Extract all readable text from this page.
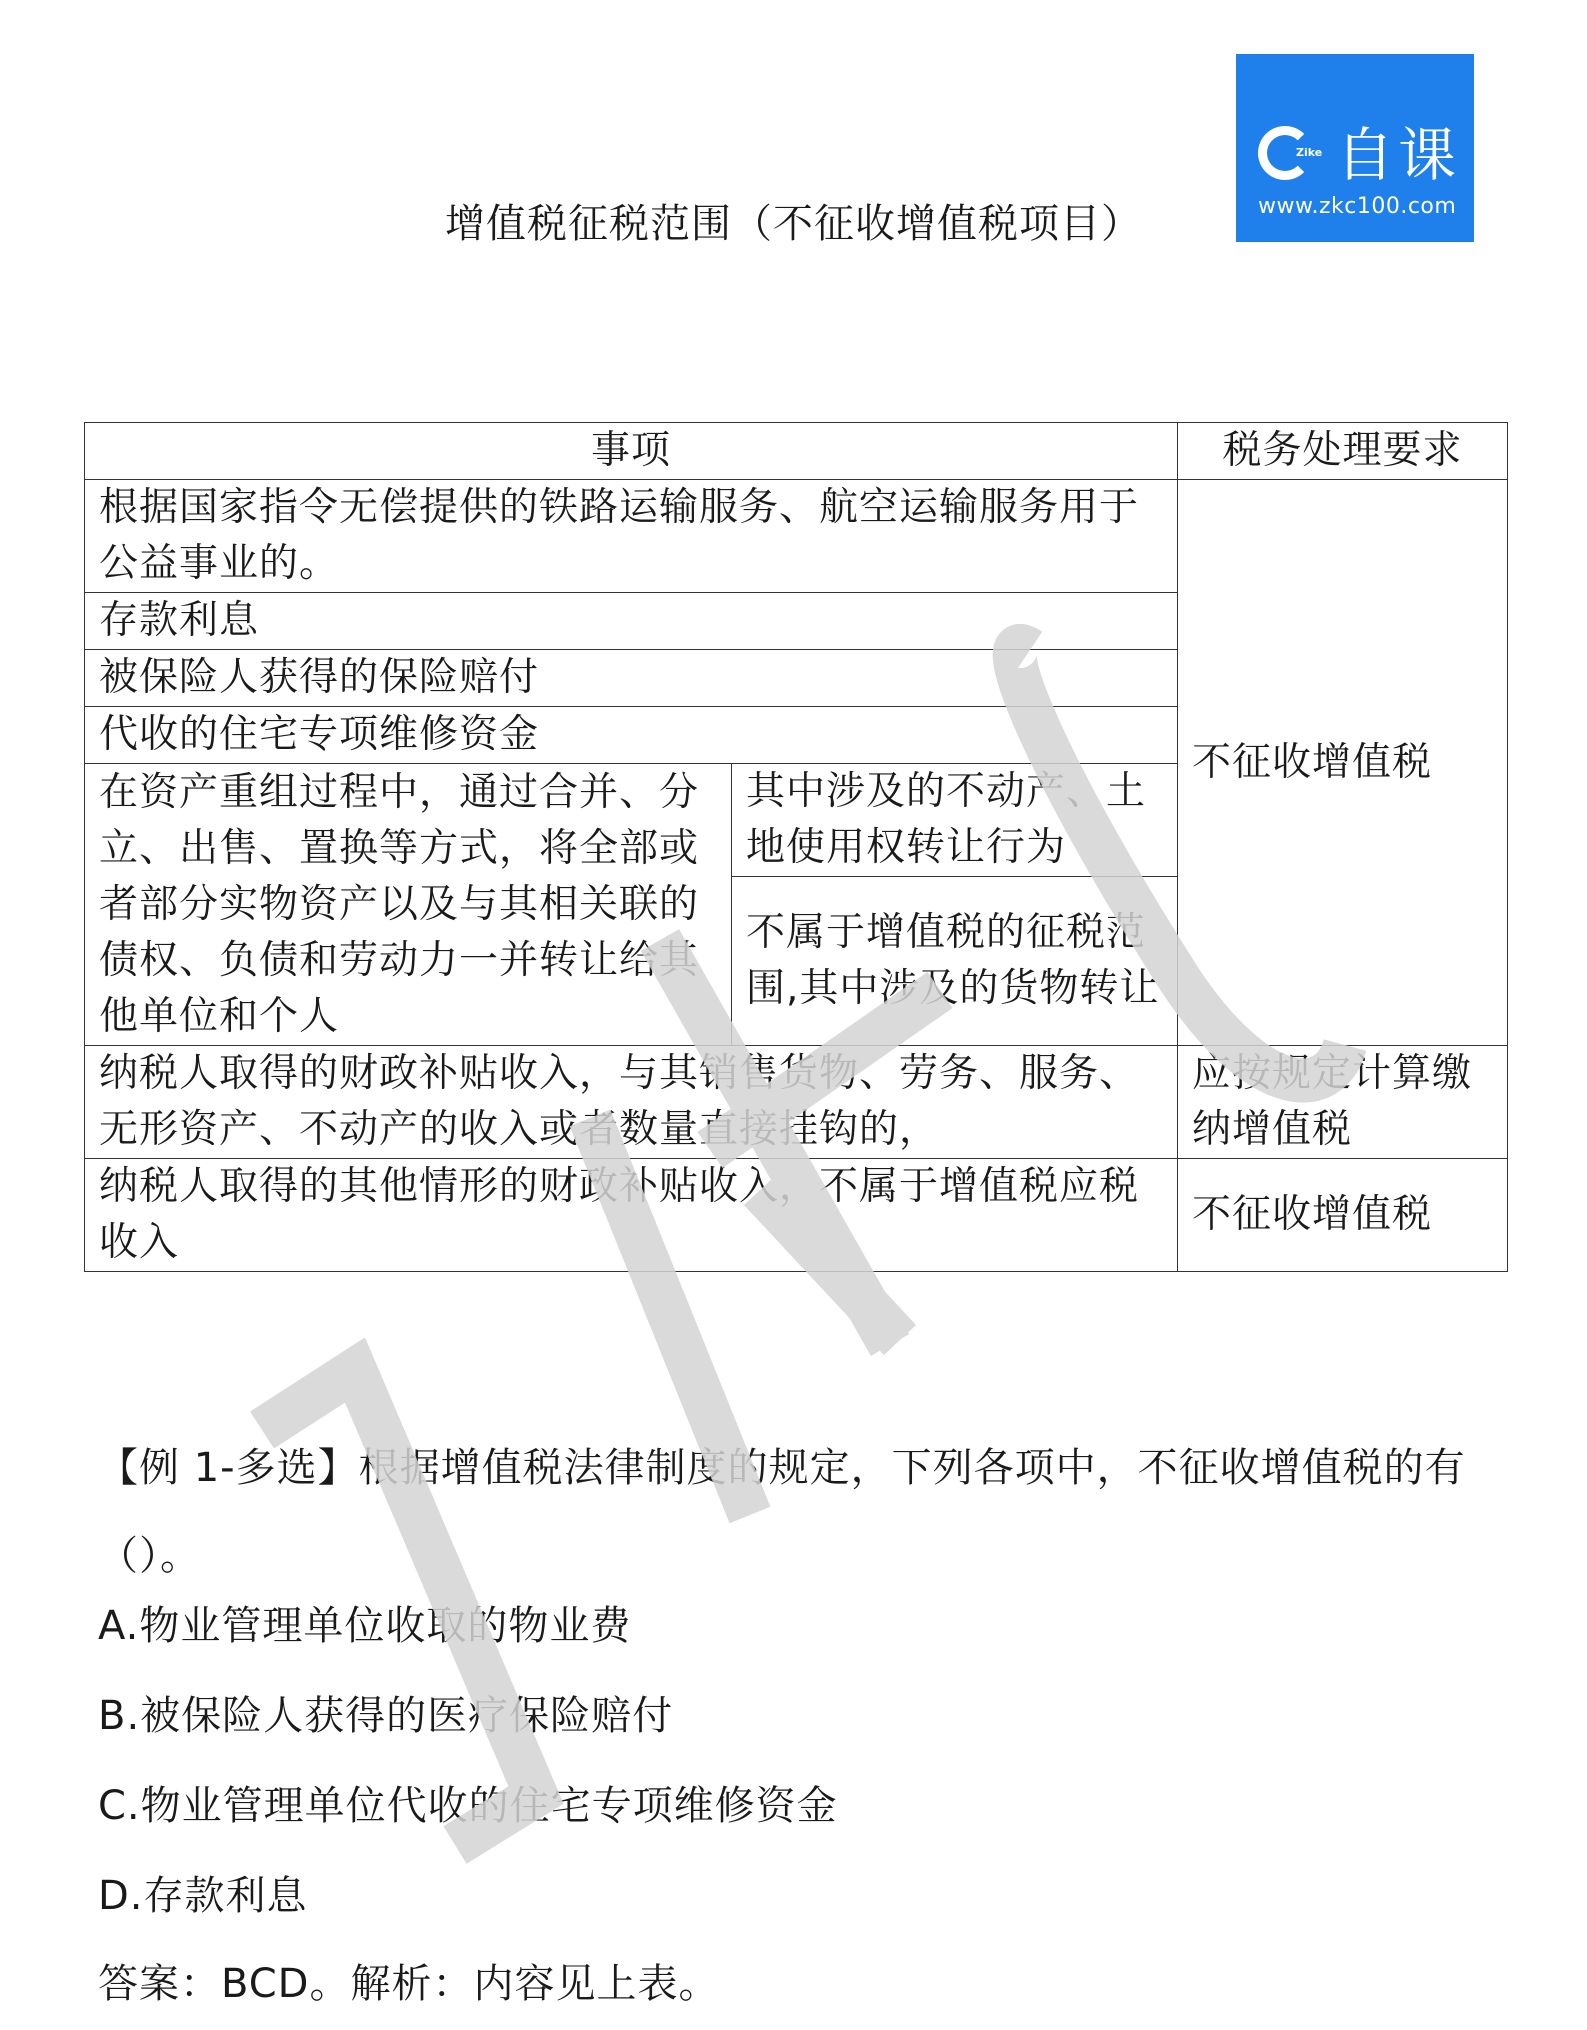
Zike 自课
www.zkc100.com
增值税征税范围（不征收增值税项目）
事项		税务处理要求
根据国家指令无偿提供的铁路运输服务、航空运输服务用于公益事业的。		不征收增值税
存款利息		
被保险人获得的保险赔付		
代收的住宅专项维修资金		
在资产重组过程中，通过合并、分立、出售、置换等方式，将全部或者部分实物资产以及与其相关联的债权、负债和劳动力一并转让给其他单位和个人	其中涉及的不动产、土地使用权转让行为	
	不属于增值税的征税范围,其中涉及的货物转让	
纳税人取得的财政补贴收入，与其销售货物、劳务、服务、无形资产、不动产的收入或者数量直接挂钩的，		应按规定计算缴纳增值税
纳税人取得的其他情形的财政补贴收入，不属于增值税应税收入		不征收增值税
【例 1-多选】根据增值税法律制度的规定，下列各项中，不征收增值税的有（）。
A.物业管理单位收取的物业费
B.被保险人获得的医疗保险赔付
C.物业管理单位代收的住宅专项维修资金
D.存款利息
答案：BCD。解析：内容见上表。
